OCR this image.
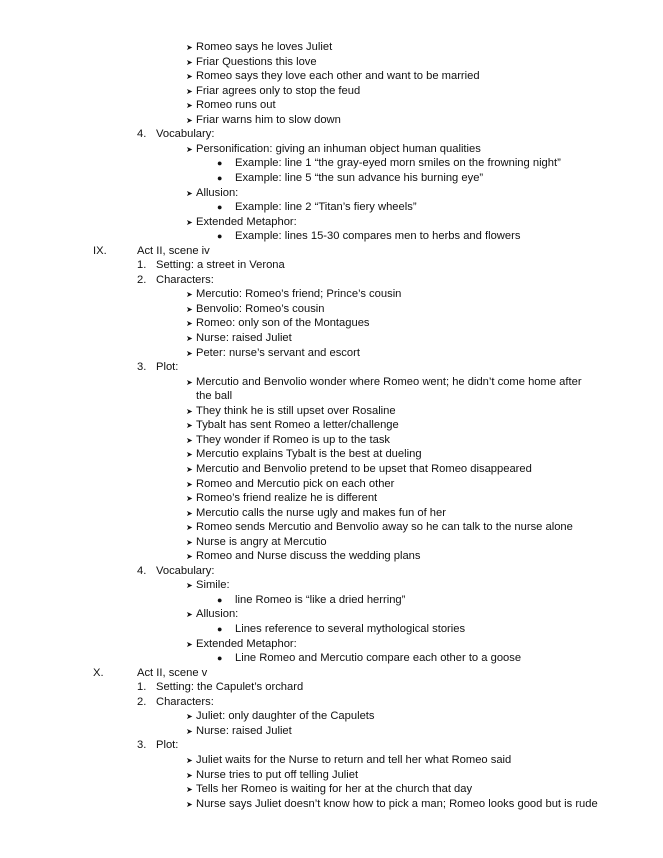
➤ Romeo says he loves Juliet
➤ Friar Questions this love
➤ Romeo says they love each other and want to be married
➤ Friar agrees only to stop the feud
➤ Romeo runs out
➤ Friar warns him to slow down
4. Vocabulary:
➤ Personification: giving an inhuman object human qualities
●	Example: line 1 “the gray-eyed morn smiles on the frowning night”
●	Example: line 5 “the sun advance his burning eye”
➤ Allusion:
●	Example: line 2 “Titan’s fiery wheels”
➤ Extended Metaphor:
●	Example: lines 15-30 compares men to herbs and flowers
IX.	Act II, scene iv
1. Setting: a street in Verona
2. Characters:
➤ Mercutio: Romeo’s friend; Prince’s cousin
➤ Benvolio: Romeo’s cousin
➤ Romeo: only son of the Montagues
➤ Nurse: raised Juliet
➤ Peter: nurse’s servant and escort
3. Plot:
➤ Mercutio and Benvolio wonder where Romeo went; he didn’t come home after
the ball
➤ They think he is still upset over Rosaline
➤ Tybalt has sent Romeo a letter/challenge
➤ They wonder if Romeo is up to the task
➤ Mercutio explains Tybalt is the best at dueling
➤ Mercutio and Benvolio pretend to be upset that Romeo disappeared
➤ Romeo and Mercutio pick on each other
➤ Romeo’s friend realize he is different
➤ Mercutio calls the nurse ugly and makes fun of her
➤ Romeo sends Mercutio and Benvolio away so he can talk to the nurse alone
➤ Nurse is angry at Mercutio
➤ Romeo and Nurse discuss the wedding plans
4. Vocabulary:
➤ Simile:
●	line Romeo is “like a dried herring”
➤ Allusion:
●	Lines reference to several mythological stories
➤ Extended Metaphor:
●	Line Romeo and Mercutio compare each other to a goose
X.	Act II, scene v
1. Setting: the Capulet’s orchard
2. Characters:
➤ Juliet: only daughter of the Capulets
➤ Nurse: raised Juliet
3. Plot:
➤ Juliet waits for the Nurse to return and tell her what Romeo said
➤ Nurse tries to put off telling Juliet
➤ Tells her Romeo is waiting for her at the church that day
➤ Nurse says Juliet doesn’t know how to pick a man; Romeo looks good but is rude
